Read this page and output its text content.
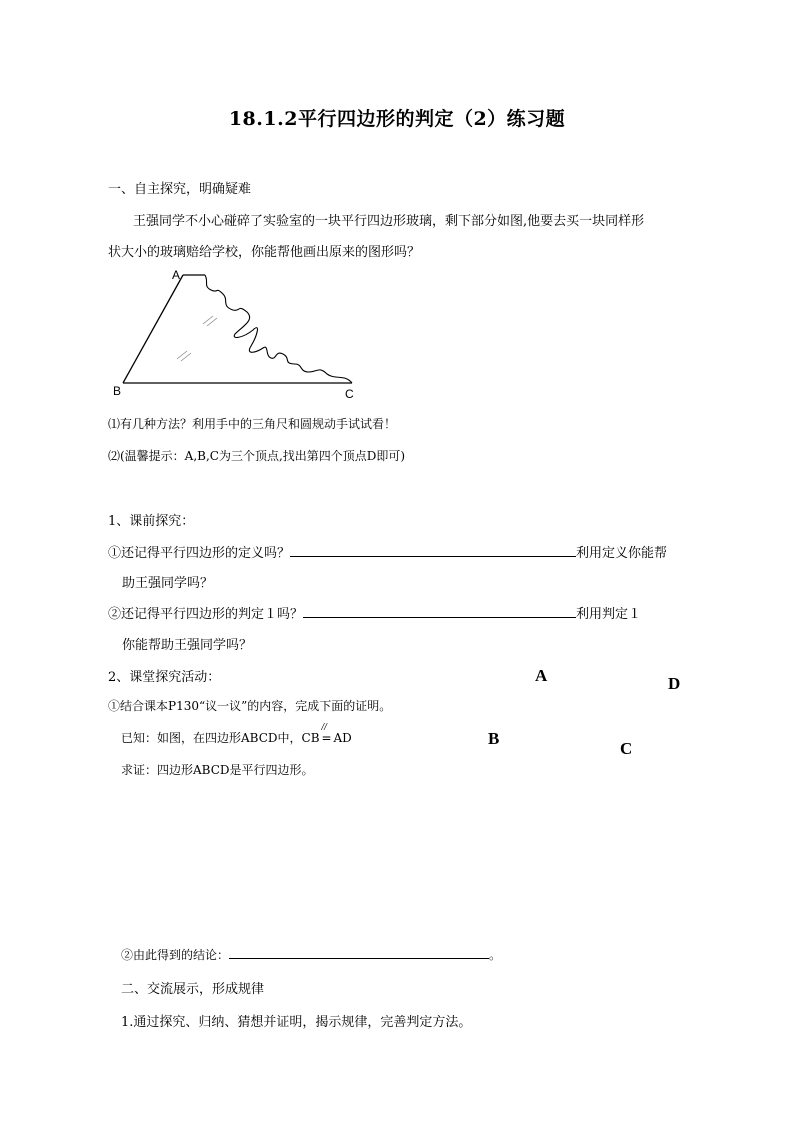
18.1.2平行四边形的判定（2）练习题
一、自主探究，明确疑难
王强同学不小心碰碎了实验室的一块平行四边形玻璃，剩下部分如图,他要去买一块同样形
状大小的玻璃赔给学校，你能帮他画出原来的图形吗？
A
B	C
⑴有几种方法？利用手中的三角尺和圆规动手试试看！
⑵(温馨提示：A,B,C为三个顶点,找出第四个顶点D即可)
1、课前探究：
①还记得平行四边形的定义吗？	利用定义你能帮
助王强同学吗？
②还记得平行四边形的判定１吗？	利用判定１
你能帮助王强同学吗？
2、课堂探究活动：
①结合课本P130“议一议”的内容，完成下面的证明。
已知：如图，在四边形ABCD中，CB
//
= AD
求证：四边形ABCD是平行四边形。
A	D
B
C
②由此得到的结论：	。
二、交流展示，形成规律
1.通过探究、归纳、猜想并证明，揭示规律，完善判定方法。
